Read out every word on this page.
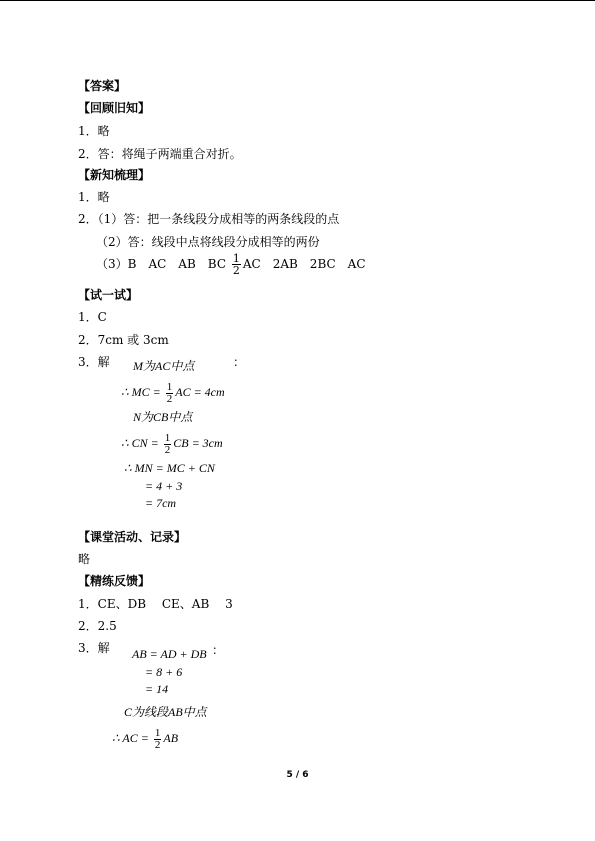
【答案】
【回顾旧知】
1．略
2．答：将绳子两端重合对折。
【新知梳理】
1．略
2．（1）答：把一条线段分成相等的两条线段的点
（2）答：线段中点将线段分成相等的两份
（3）B　AC　AB　BC $\frac{1}{2}$ AC　2AB　2BC　AC
【试一试】
1．C
2．7cm 或 3cm
3．解	：
M为AC中点
∴ MC = $\frac{1}{2}$ AC = 4cm
N为CB中点
∴ CN = $\frac{1}{2}$ CB = 3cm
∴ MN = MC + CN
= 4 + 3
= 7cm
【课堂活动、记录】
略
【精练反馈】
1．CE、DB　 CE、AB　 3
2．2.5
3．解	：
AB = AD + DB
= 8 + 6
= 14
C为线段AB中点
∴ AC = $\frac{1}{2}$ AB
5 / 6
